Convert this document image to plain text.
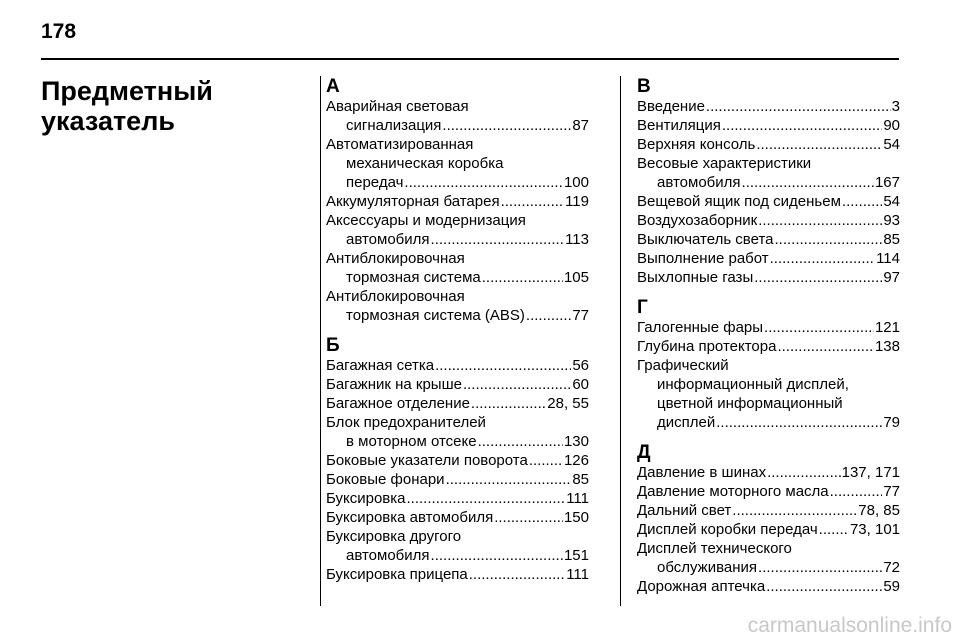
178
Предметный
указатель
А
Аварийная световая
сигнализация .....	87
Автоматизированная
механическая коробка
передач .....	100
Аккумуляторная батарея .....	119
Аксессуары и модернизация
автомобиля .....	113
Антиблокировочная
тормозная система .....	105
Антиблокировочная
тормозная система (ABS) .....	77
Б
Багажная сетка .....	56
Багажник на крыше .....	60
Багажное отделение .....	28, 55
Блок предохранителей
в моторном отсеке .....	130
Боковые указатели поворота ..... 126
Боковые фонари .....	85
Буксировка .....	111
Буксировка автомобиля .....	150
Буксировка другого
автомобиля .....	151
Буксировка прицепа .....	111
В
Введение .....	3
Вентиляция .....	90
Верхняя консоль .....	54
Весовые характеристики
автомобиля .....	167
Вещевой ящик под сиденьем .....	54
Воздухозаборник .....	93
Выключатель света .....	85
Выполнение работ .....	114
Выхлопные газы .....	97
Г
Галогенные фары .....	121
Глубина протектора .....	138
Графический
информационный дисплей,
цветной информационный
дисплей .....	79
Д
Давление в шинах .....	137, 171
Давление моторного масла .....	77
Дальний свет .....	78, 85
Дисплей коробки передач ..... 73, 101
Дисплей технического
обслуживания .....	72
Дорожная аптечка .....	59
carmanualsonline.info
